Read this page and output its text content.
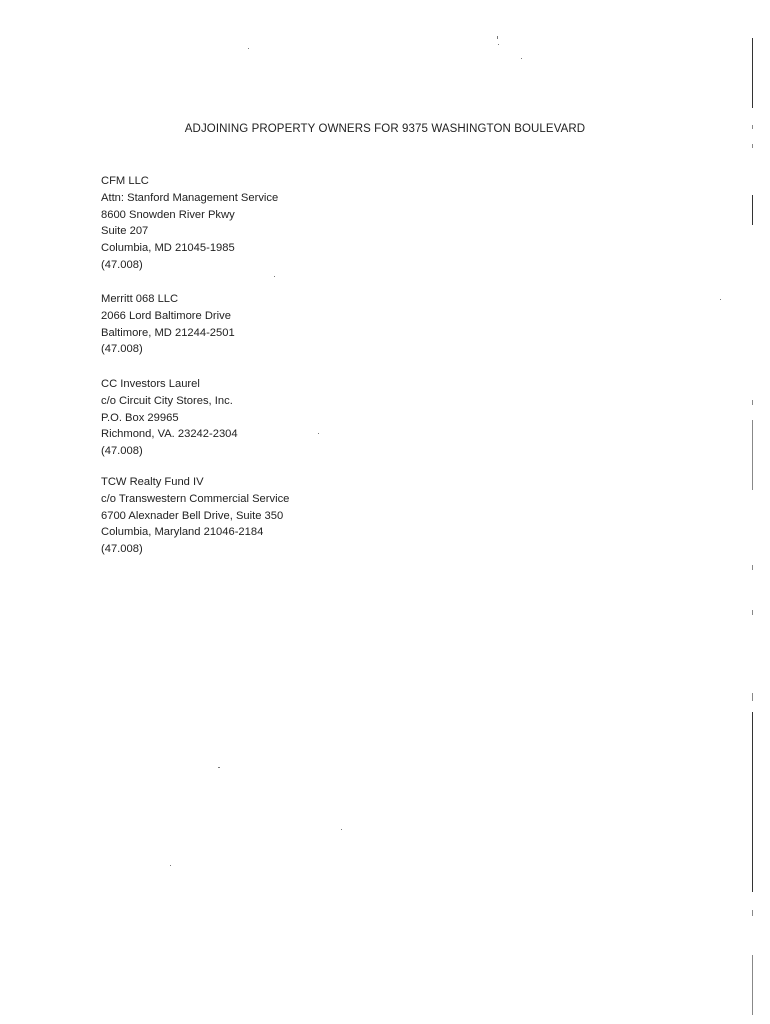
ADJOINING PROPERTY OWNERS FOR 9375 WASHINGTON BOULEVARD
CFM LLC
Attn: Stanford Management Service
8600 Snowden River Pkwy
Suite 207
Columbia, MD 21045-1985
(47.008)
Merritt 068 LLC
2066 Lord Baltimore Drive
Baltimore, MD 21244-2501
(47.008)
CC Investors Laurel
c/o Circuit City Stores, Inc.
P.O. Box 29965
Richmond, VA. 23242-2304
(47.008)
TCW Realty Fund IV
c/o Transwestern Commercial Service
6700 Alexnader Bell Drive, Suite 350
Columbia, Maryland 21046-2184
(47.008)
